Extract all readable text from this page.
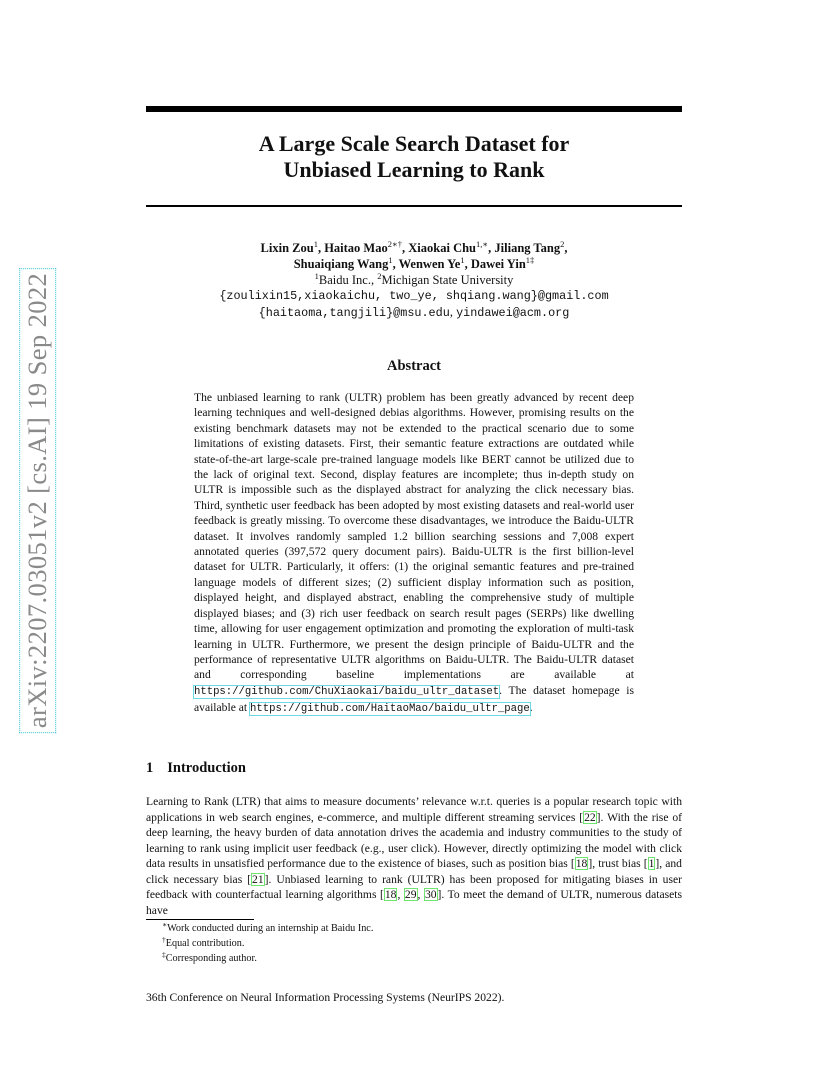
arXiv:2207.03051v2 [cs.AI] 19 Sep 2022
A Large Scale Search Dataset for
Unbiased Learning to Rank
Lixin Zou$^1$, Haitao Mao$^{2∗\dagger}$, Xiaokai Chu$^{1,∗}$, Jiliang Tang$^2$,
Shuaiqiang Wang$^1$, Wenwen Ye$^1$, Dawei Yin$^{1\ddagger}$
$^1$Baidu Inc., $^2$Michigan State University
{zoulixin15,xiaokaichu, two_ye, shqiang.wang}@gmail.com
{haitaoma,tangjili}@msu.edu, yindawei@acm.org
Abstract
The unbiased learning to rank (ULTR) problem has been greatly advanced by recent deep learning techniques and well-designed debias algorithms. However, promising results on the existing benchmark datasets may not be extended to the practical scenario due to some limitations of existing datasets. First, their semantic feature extractions are outdated while state-of-the-art large-scale pre-trained language models like BERT cannot be utilized due to the lack of original text. Second, display features are incomplete; thus in-depth study on ULTR is impossible such as the displayed abstract for analyzing the click necessary bias. Third, synthetic user feedback has been adopted by most existing datasets and real-world user feedback is greatly missing. To overcome these disadvantages, we introduce the Baidu-ULTR dataset. It involves randomly sampled 1.2 billion searching sessions and 7,008 expert annotated queries (397,572 query document pairs). Baidu-ULTR is the first billion-level dataset for ULTR. Particularly, it offers: (1) the original semantic features and pre-trained language models of different sizes; (2) sufficient display information such as position, displayed height, and displayed abstract, enabling the comprehensive study of multiple displayed biases; and (3) rich user feedback on search result pages (SERPs) like dwelling time, allowing for user engagement optimization and promoting the exploration of multi-task learning in ULTR. Furthermore, we present the design principle of Baidu-ULTR and the performance of representative ULTR algorithms on Baidu-ULTR. The Baidu-ULTR dataset and corresponding baseline implementations are available at https://github.com/ChuXiaokai/baidu_ultr_dataset. The dataset homepage is available at https://github.com/HaitaoMao/baidu_ultr_page.
1 Introduction
Learning to Rank (LTR) that aims to measure documents’ relevance w.r.t. queries is a popular research topic with applications in web search engines, e-commerce, and multiple different streaming services [22]. With the rise of deep learning, the heavy burden of data annotation drives the academia and industry communities to the study of learning to rank using implicit user feedback (e.g., user click). However, directly optimizing the model with click data results in unsatisfied performance due to the existence of biases, such as position bias [18], trust bias [1], and click necessary bias [21]. Unbiased learning to rank (ULTR) has been proposed for mitigating biases in user feedback with counterfactual learning algorithms [18, 29, 30]. To meet the demand of ULTR, numerous datasets have
∗Work conducted during an internship at Baidu Inc.
†Equal contribution.
‡Corresponding author.
36th Conference on Neural Information Processing Systems (NeurIPS 2022).
